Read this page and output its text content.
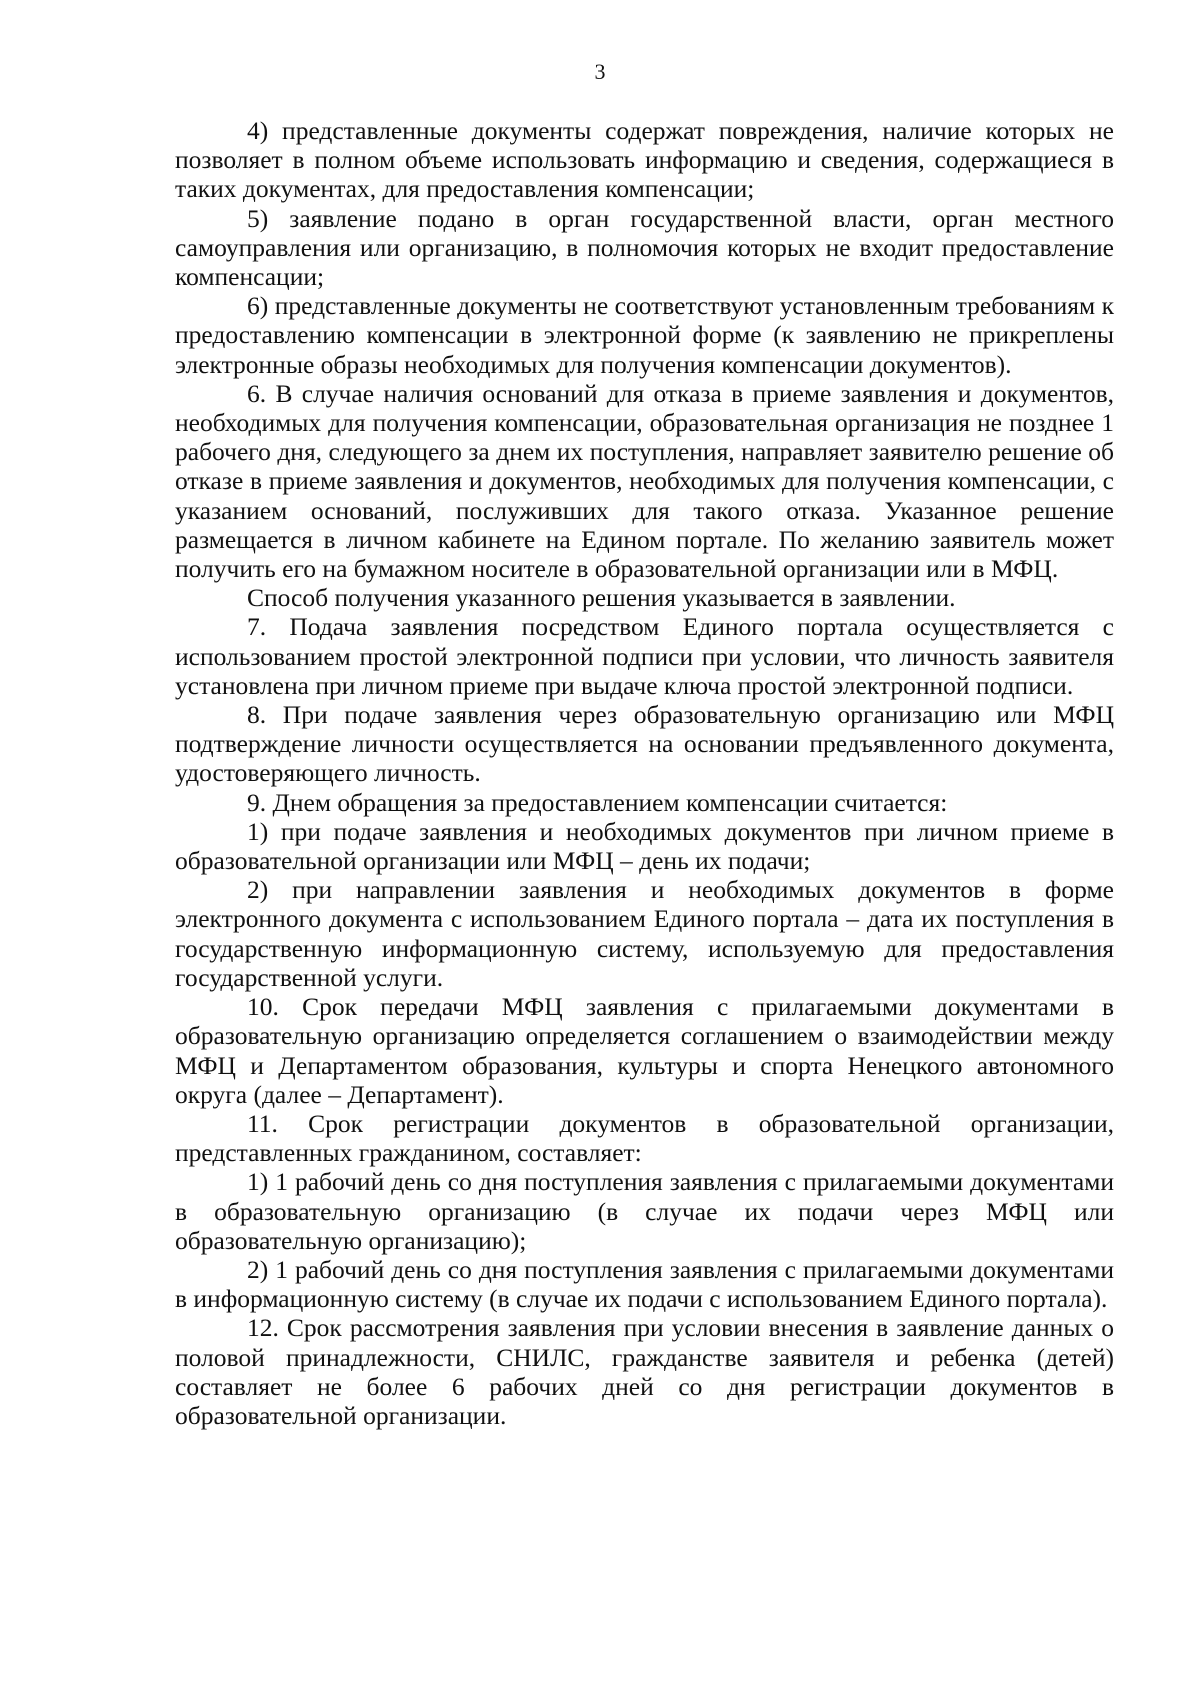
3

4) представленные документы содержат повреждения, наличие которых не позволяет в полном объеме использовать информацию и сведения, содержащиеся в таких документах, для предоставления компенсации;

5) заявление подано в орган государственной власти, орган местного самоуправления или организацию, в полномочия которых не входит предоставление компенсации;

6) представленные документы не соответствуют установленным требованиям к предоставлению компенсации в электронной форме (к заявлению не прикреплены электронные образы необходимых для получения компенсации документов).

6. В случае наличия оснований для отказа в приеме заявления и документов, необходимых для получения компенсации, образовательная организация не позднее 1 рабочего дня, следующего за днем их поступления, направляет заявителю решение об отказе в приеме заявления и документов, необходимых для получения компенсации, с указанием оснований, послуживших для такого отказа. Указанное решение размещается в личном кабинете на Едином портале. По желанию заявитель может получить его на бумажном носителе в образовательной организации или в МФЦ.

Способ получения указанного решения указывается в заявлении.

7. Подача заявления посредством Единого портала осуществляется с использованием простой электронной подписи при условии, что личность заявителя установлена при личном приеме при выдаче ключа простой электронной подписи.

8. При подаче заявления через образовательную организацию или МФЦ подтверждение личности осуществляется на основании предъявленного документа, удостоверяющего личность.

9. Днем обращения за предоставлением компенсации считается:

1) при подаче заявления и необходимых документов при личном приеме в образовательной организации или МФЦ – день их подачи;

2) при направлении заявления и необходимых документов в форме электронного документа с использованием Единого портала – дата их поступления в государственную информационную систему, используемую для предоставления государственной услуги.

10. Срок передачи МФЦ заявления с прилагаемыми документами в образовательную организацию определяется соглашением о взаимодействии между МФЦ и Департаментом образования, культуры и спорта Ненецкого автономного округа (далее – Департамент).

11. Срок регистрации документов в образовательной организации, представленных гражданином, составляет:

1) 1 рабочий день со дня поступления заявления с прилагаемыми документами в образовательную организацию (в случае их подачи через МФЦ или образовательную организацию);

2) 1 рабочий день со дня поступления заявления с прилагаемыми документами в информационную систему (в случае их подачи с использованием Единого портала).

12. Срок рассмотрения заявления при условии внесения в заявление данных о половой принадлежности, СНИЛС, гражданстве заявителя и ребенка (детей) составляет не более 6 рабочих дней со дня регистрации документов в образовательной организации.
